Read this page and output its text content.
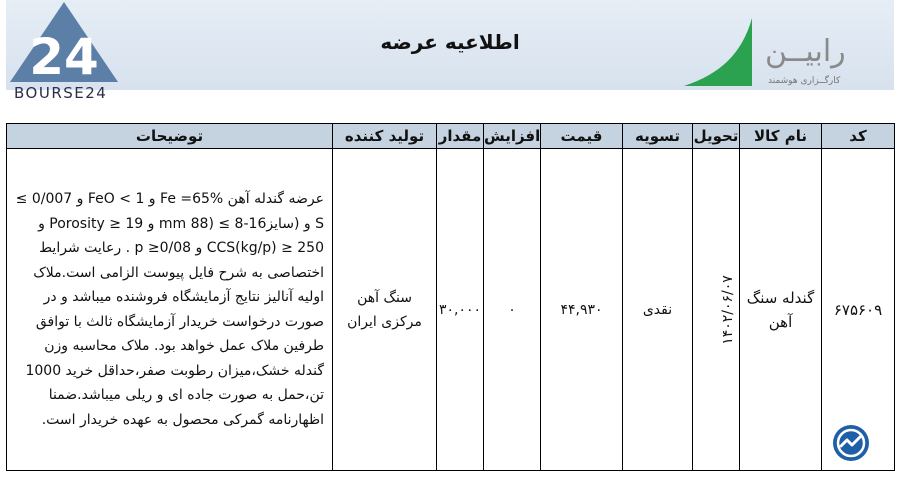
24
BOURSE24
اطلاعیه عرضه	رابیــن
کارگــزاری هوشمند
توضیحات	تولید کننده	مقدار	افزایش	قیمت	تسویه	تحویل	نام کالا	کد
عرضه گندله آهن Fe =65% و FeO < 1 و 0/007 ≥ S و (سایز16-8 ≥ (88 mm و Porosity ≥ 19 و CCS(kg/p) ≥ 250 و p ≥0/08 . رعایت شرایط اختصاصی به شرح فایل پیوست الزامی است.ملاک اولیه آنالیز نتایج آزمایشگاه فروشنده میباشد و در صورت درخواست خریدار آزمایشگاه ثالث با توافق طرفین ملاک عمل خواهد بود. ملاک محاسبه وزن گندله خشک،میزان رطوبت صفر،حداقل خرید 1000 تن،حمل به صورت جاده ای و ریلی میباشد.ضمنا اظهارنامه گمرکی محصول به عهده خریدار است.	سنگ آهن مرکزی ایران	۳۰,۰۰۰	۰	۴۴,۹۳۰	نقدی	۱۴۰۲/۰۶/۰۷	گندله سنگ آهن	۶۷۵۶۰۹
